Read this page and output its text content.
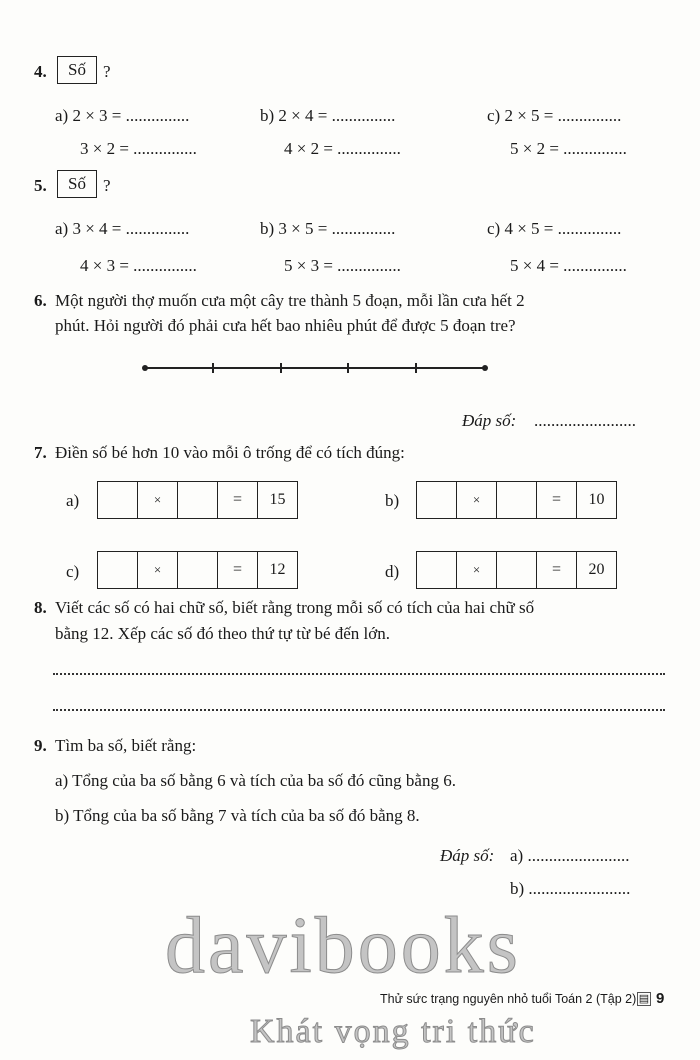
4.	Số	?
a) 2 × 3 = ...............	b) 2 × 4 = ...............	c) 2 × 5 = ...............
3 × 2 = ...............	4 × 2 = ...............	5 × 2 = ...............
5.	Số	?
a) 3 × 4 = ...............	b) 3 × 5 = ...............	c) 4 × 5 = ...............
4 × 3 = ...............	5 × 3 = ...............	5 × 4 = ...............
6. Một người thợ muốn cưa một cây tre thành 5 đoạn, mỗi lần cưa hết 2
phút. Hỏi người đó phải cưa hết bao nhiêu phút để được 5 đoạn tre?
Đáp số: ........................
7. Điền số bé hơn 10 vào mỗi ô trống để có tích đúng:
a)	×	=	15	b)	×	=	10
c)	×	=	12	d)	×	=	20
8. Viết các số có hai chữ số, biết rằng trong mỗi số có tích của hai chữ số
bằng 12. Xếp các số đó theo thứ tự từ bé đến lớn.
9. Tìm ba số, biết rằng:
a) Tổng của ba số bằng 6 và tích của ba số đó cũng bằng 6.
b) Tổng của ba số bằng 7 và tích của ba số đó bằng 8.
Đáp số: a) ........................
b) ........................
davibooks
Khát vọng tri thức
Thử sức trạng nguyên nhỏ tuổi Toán 2 (Tập 2) ▤ 9
